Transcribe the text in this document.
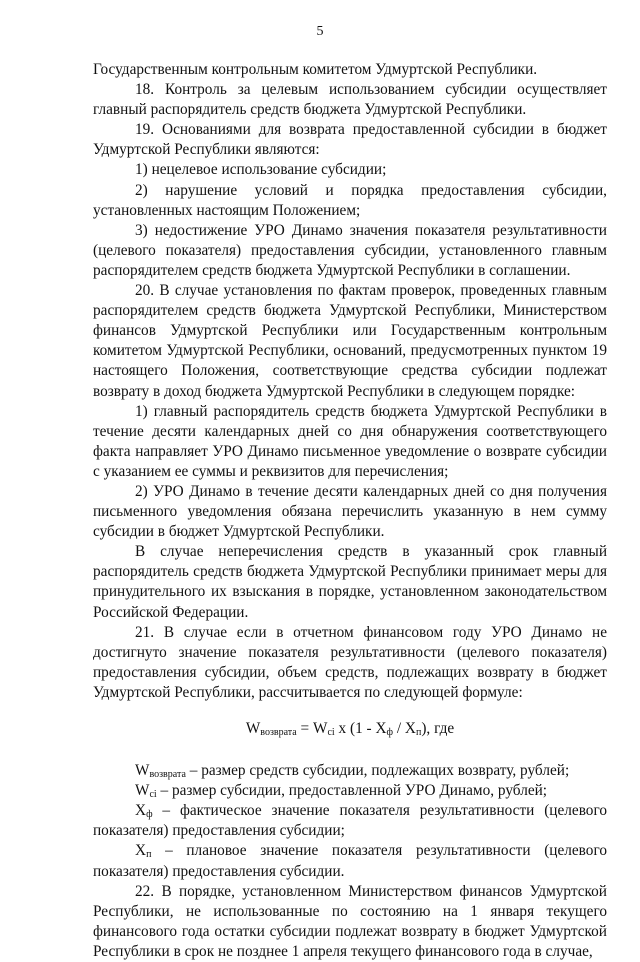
5

Государственным контрольным комитетом Удмуртской Республики.

18. Контроль за целевым использованием субсидии осуществляет главный распорядитель средств бюджета Удмуртской Республики.

19. Основаниями для возврата предоставленной субсидии в бюджет Удмуртской Республики являются:

1) нецелевое использование субсидии;

2) нарушение условий и порядка предоставления субсидии, установленных настоящим Положением;

3) недостижение УРО Динамо значения показателя результативности (целевого показателя) предоставления субсидии, установленного главным распорядителем средств бюджета Удмуртской Республики в соглашении.

20. В случае установления по фактам проверок, проведенных главным распорядителем средств бюджета Удмуртской Республики, Министерством финансов Удмуртской Республики или Государственным контрольным комитетом Удмуртской Республики, оснований, предусмотренных пунктом 19 настоящего Положения, соответствующие средства субсидии подлежат возврату в доход бюджета Удмуртской Республики в следующем порядке:

1) главный распорядитель средств бюджета Удмуртской Республики в течение десяти календарных дней со дня обнаружения соответствующего факта направляет УРО Динамо письменное уведомление о возврате субсидии с указанием ее суммы и реквизитов для перечисления;

2) УРО Динамо в течение десяти календарных дней со дня получения письменного уведомления обязана перечислить указанную в нем сумму субсидии в бюджет Удмуртской Республики.

В случае неперечисления средств в указанный срок главный распорядитель средств бюджета Удмуртской Республики принимает меры для принудительного их взыскания в порядке, установленном законодательством Российской Федерации.

21. В случае если в отчетном финансовом году УРО Динамо не достигнуто значение показателя результативности (целевого показателя) предоставления субсидии, объем средств, подлежащих возврату в бюджет Удмуртской Республики, рассчитывается по следующей формуле:

$W_{возврата} = W_{ci}$ x $(1 - X_ф / X_п)$, где

$W_{возврата}$ – размер средств субсидии, подлежащих возврату, рублей;

$W_{ci}$ – размер субсидии, предоставленной УРО Динамо, рублей;

$Х_ф$ – фактическое значение показателя результативности (целевого показателя) предоставления субсидии;

$Х_п$ – плановое значение показателя результативности (целевого показателя) предоставления субсидии.

22. В порядке, установленном Министерством финансов Удмуртской Республики, не использованные по состоянию на 1 января текущего финансового года остатки субсидии подлежат возврату в бюджет Удмуртской Республики в срок не позднее 1 апреля текущего финансового года в случае,
